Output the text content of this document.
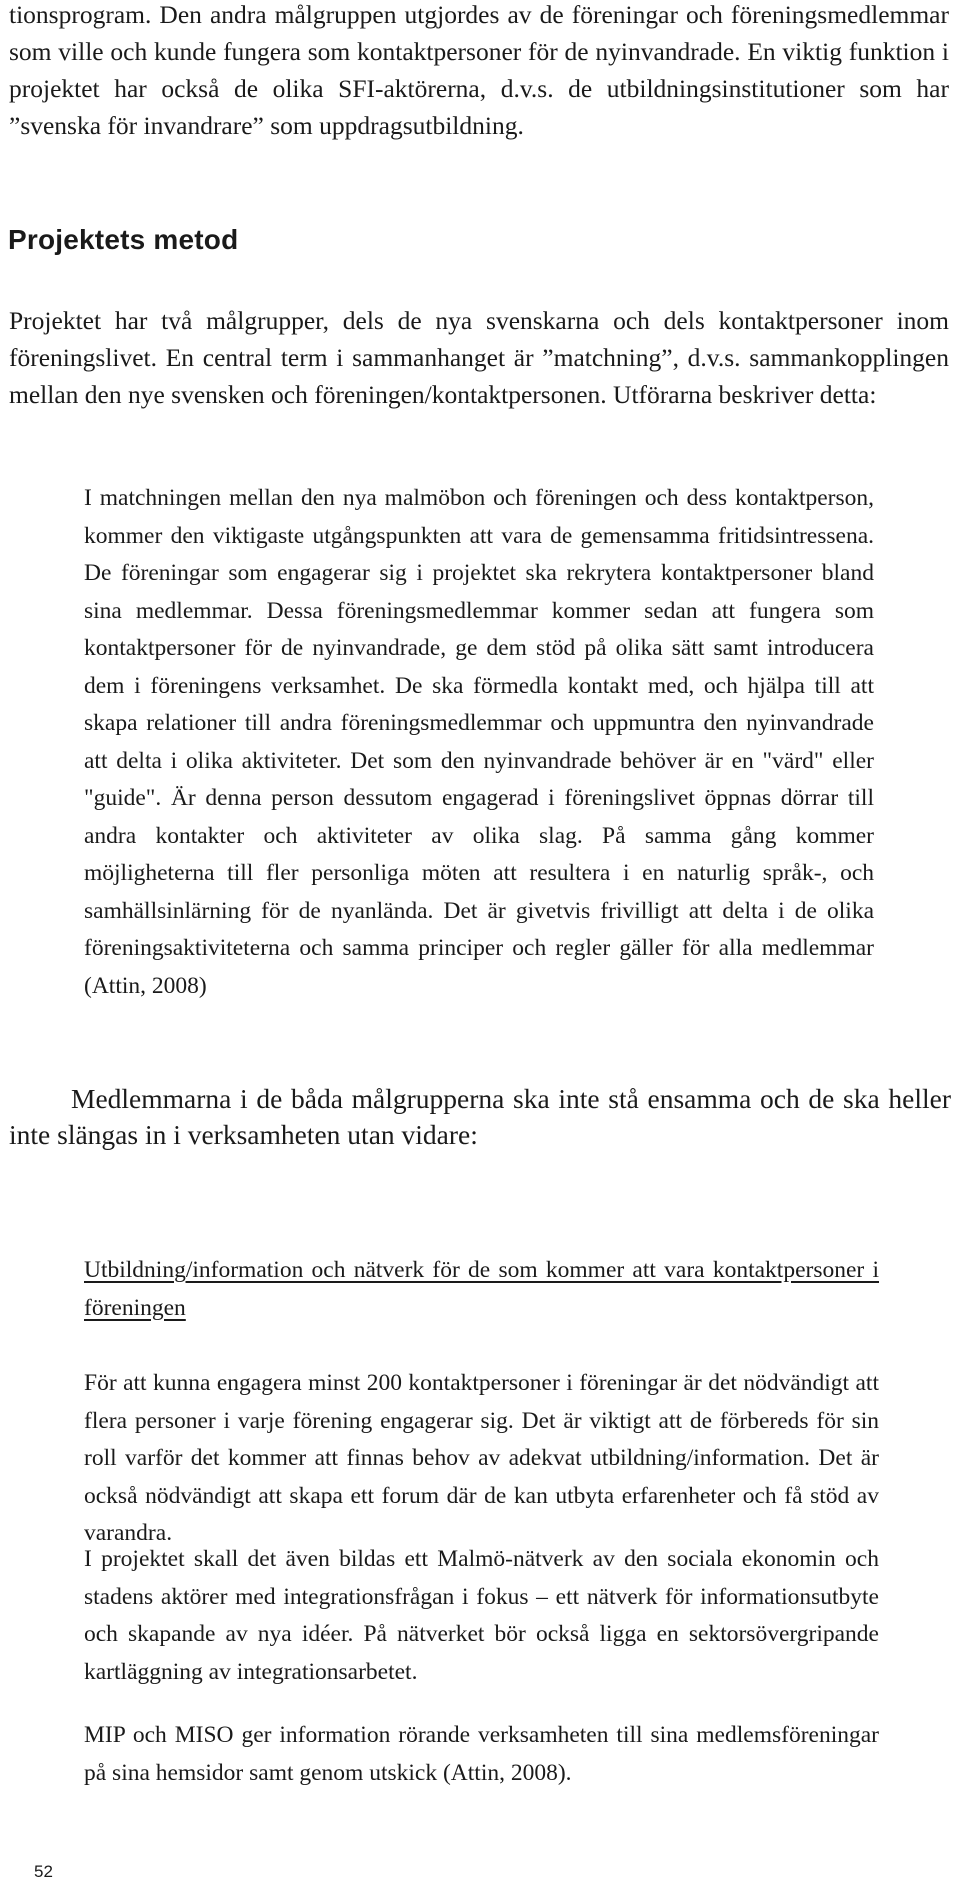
tionsprogram. Den andra målgruppen utgjordes av de föreningar och föreningsmedlemmar som ville och kunde fungera som kontaktpersoner för de nyinvandrade. En viktig funktion i projektet har också de olika SFI-aktörerna, d.v.s. de utbildningsinstitutioner som har ”svenska för invandrare” som uppdragsutbildning.

Projektets metod

Projektet har två målgrupper, dels de nya svenskarna och dels kontaktpersoner inom föreningslivet. En central term i sammanhanget är ”matchning”, d.v.s. sammankopplingen mellan den nye svensken och föreningen/kontaktpersonen. Utförarna beskriver detta:

I matchningen mellan den nya malmöbon och föreningen och dess kontaktperson, kommer den viktigaste utgångspunkten att vara de gemensamma fritidsintressena. De föreningar som engagerar sig i projektet ska rekrytera kontaktpersoner bland sina medlemmar. Dessa föreningsmedlemmar kommer sedan att fungera som kontaktpersoner för de nyinvandrade, ge dem stöd på olika sätt samt introducera dem i föreningens verksamhet. De ska förmedla kontakt med, och hjälpa till att skapa relationer till andra föreningsmedlemmar och uppmuntra den nyinvandrade att delta i olika aktiviteter. Det som den nyinvandrade behöver är en "värd" eller "guide". Är denna person dessutom engagerad i föreningslivet öppnas dörrar till andra kontakter och aktiviteter av olika slag. På samma gång kommer möjligheterna till fler personliga möten att resultera i en naturlig språk-, och samhällsinlärning för de nyanlända. Det är givetvis frivilligt att delta i de olika föreningsaktiviteterna och samma principer och regler gäller för alla medlemmar (Attin, 2008)

Medlemmarna i de båda målgrupperna ska inte stå ensamma och de ska heller inte slängas in i verksamheten utan vidare:

Utbildning/information och nätverk för de som kommer att vara kontaktpersoner i föreningen

För att kunna engagera minst 200 kontaktpersoner i föreningar är det nödvändigt att flera personer i varje förening engagerar sig. Det är viktigt att de förbereds för sin roll varför det kommer att finnas behov av adekvat utbildning/information. Det är också nödvändigt att skapa ett forum där de kan utbyta erfarenheter och få stöd av varandra.

I projektet skall det även bildas ett Malmö-nätverk av den sociala ekonomin och stadens aktörer med integrationsfrågan i fokus – ett nätverk för informationsutbyte och skapande av nya idéer. På nätverket bör också ligga en sektorsövergripande kartläggning av integrationsarbetet.

MIP och MISO ger information rörande verksamheten till sina medlemsföreningar på sina hemsidor samt genom utskick (Attin, 2008).

52
